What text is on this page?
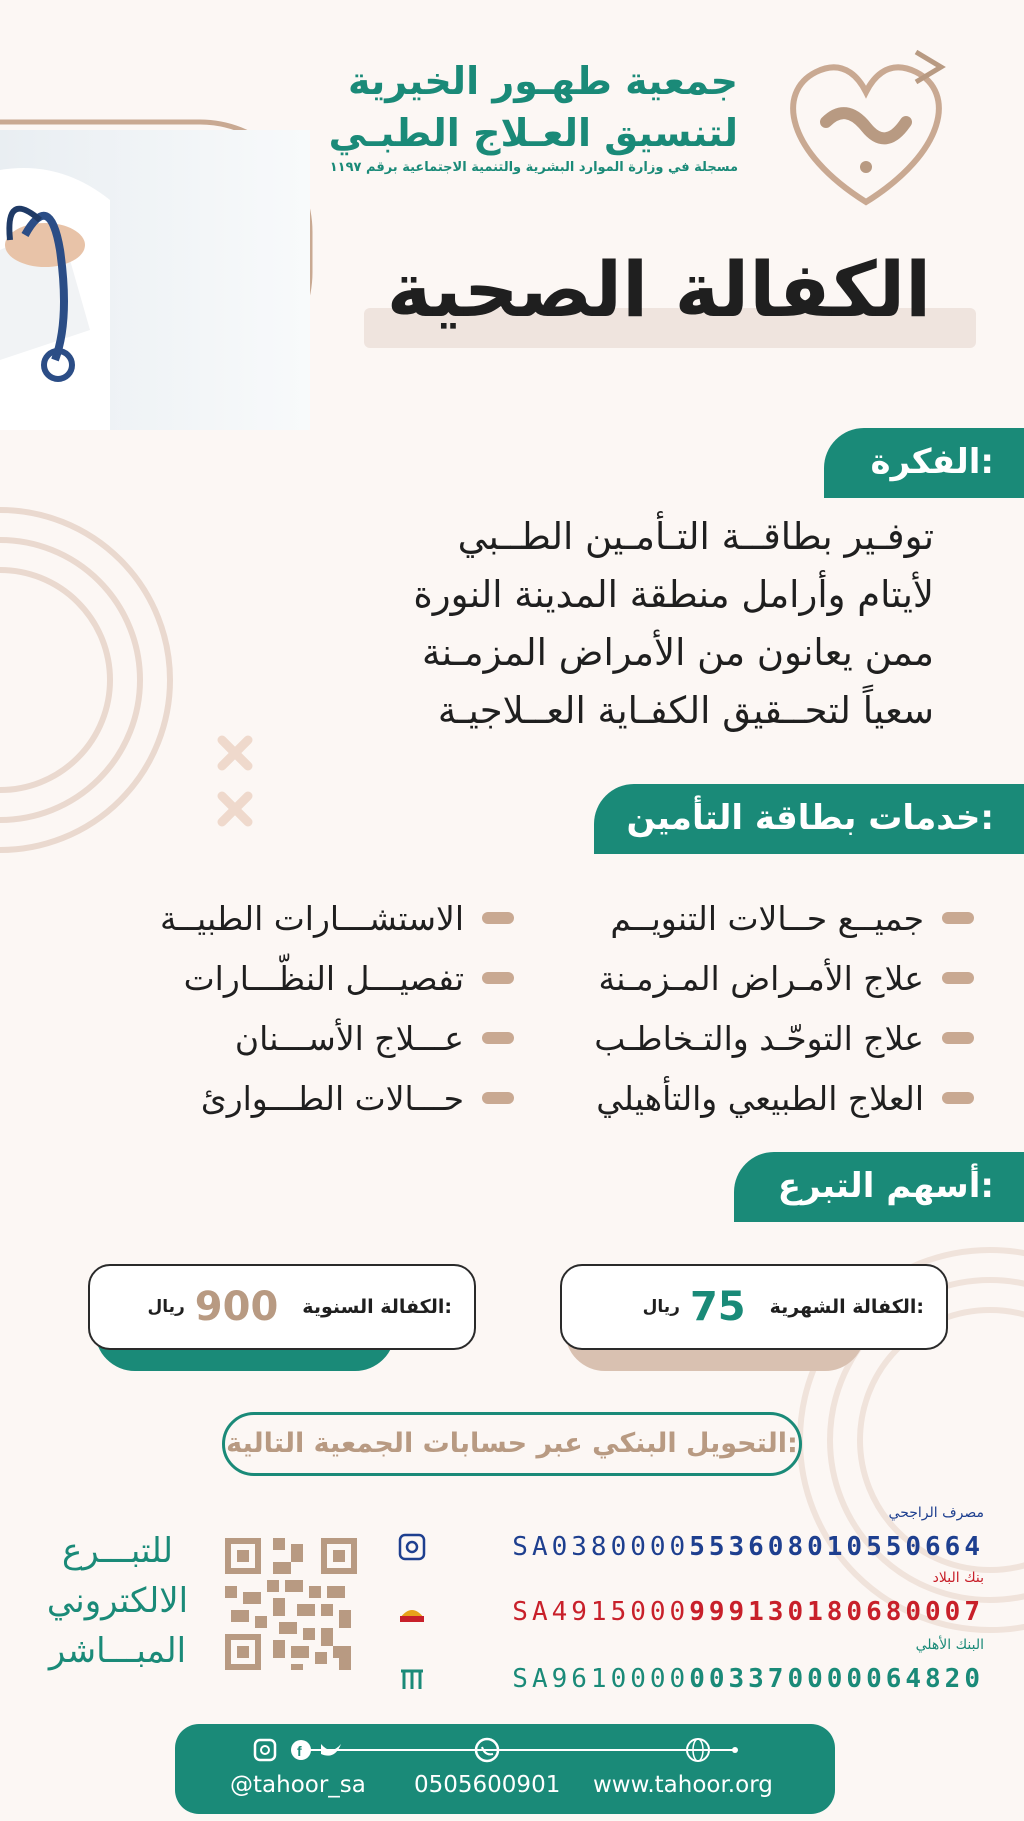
جمعية طهـور الخيرية
لتنسيق العـلاج الطبـي
مسجلة في وزارة الموارد البشرية والتنمية الاجتماعية برقم ١١٩٧
الكفالة الصحية
الفكرة:
توفـير بطاقــة التـأمـين الطــبي
لأيتام وأرامل منطقة المدينة النورة
ممن يعانون من الأمراض المزمـنة
سعياً لتحــقيق الكفـاية العــلاجيـة
خدمات بطاقة التأمين:
جميــع حــالات التنويــم
علاج الأمـراض المـزمـنة
علاج التوحّـد والتـخاطـب
العلاج الطبيعي والتأهيلي
الاستشـــارات الطبيــة
تفصيـــل النظّـــارات
عـــلاج الأســـنان
حـــالات الطـــوارئ
أسهم التبرع:
الكفالة الشهرية:
75
ريال
الكفالة السنوية:
900
ريال
التحويل البنكي عبر حسابات الجمعية التالية:
مصرف الراجحي
SA0380000553608010550664
بنك البلاد
SA4915000999130180680007
البنك الأهلي
SA9610000003370000064820
للتبـــرع
الالكتروني
المبـــاشر
f
@tahoor_sa 0505600901 www.tahoor.org
